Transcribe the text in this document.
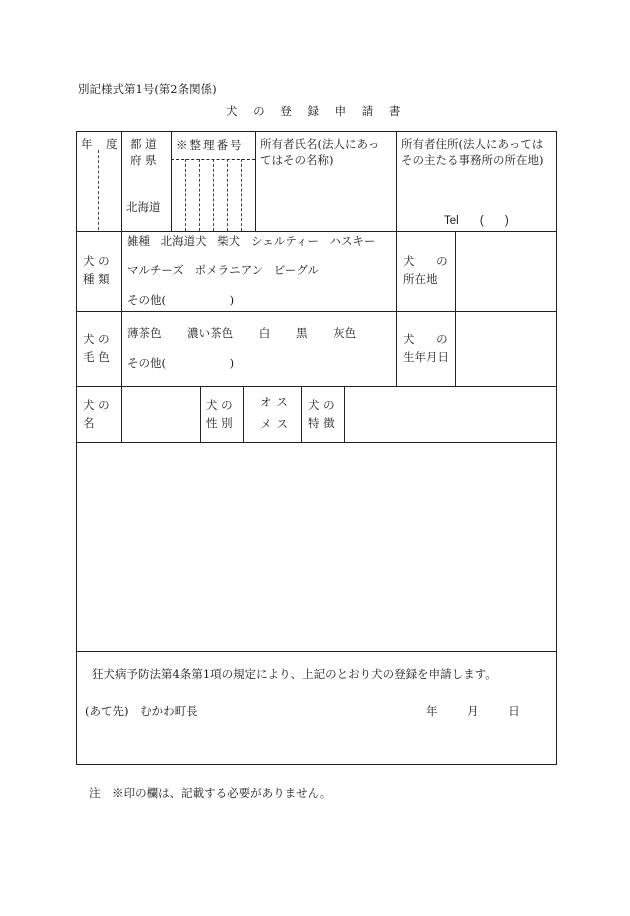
別記様式第1号(第2条関係)
犬 の 登 録 申 請 書
年 度 都 道
府 県
北海道
※整理番号 所有者氏名(法人にあっ
てはその名称)
所有者住所(法人にあっては
その主たる事務所の所在地)
Tel ( )
犬 の
種 類
雑種 北海道犬 柴犬 シェルティー ハスキー
マルチーズ ポメラニアン ビーグル
その他( )
犬 の
所在地
犬 の
毛 色
薄茶色 濃い茶色 白 黒 灰色
その他( )
犬 の
生年月日
犬 の
名
犬 の
性 別
オス
メス
犬 の
特 徴
狂犬病予防法第4条第1項の規定により、上記のとおり犬の登録を申請します。
(あて先) むかわ町長	年 月 日
注 ※印の欄は、記載する必要がありません。
